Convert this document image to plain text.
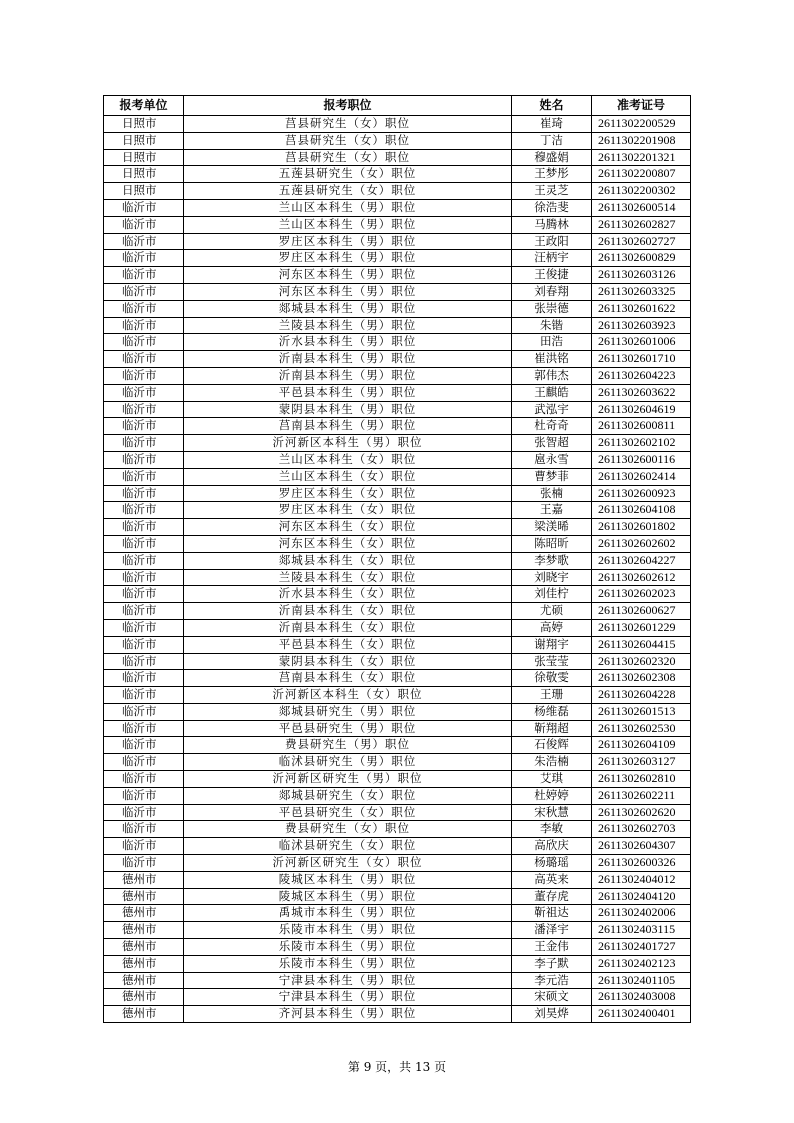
报考单位	报考职位	姓名	准考证号
日照市	莒县研究生（女）职位	崔琦	2611302200529
日照市	莒县研究生（女）职位	丁洁	2611302201908
日照市	莒县研究生（女）职位	穆盛娟	2611302201321
日照市	五莲县研究生（女）职位	王梦彤	2611302200807
日照市	五莲县研究生（女）职位	王灵芝	2611302200302
临沂市	兰山区本科生（男）职位	徐浩斐	2611302600514
临沂市	兰山区本科生（男）职位	马腾林	2611302602827
临沂市	罗庄区本科生（男）职位	王政阳	2611302602727
临沂市	罗庄区本科生（男）职位	汪柄宇	2611302600829
临沂市	河东区本科生（男）职位	王俊捷	2611302603126
临沂市	河东区本科生（男）职位	刘春翔	2611302603325
临沂市	郯城县本科生（男）职位	张崇德	2611302601622
临沂市	兰陵县本科生（男）职位	朱锴	2611302603923
临沂市	沂水县本科生（男）职位	田浩	2611302601006
临沂市	沂南县本科生（男）职位	崔洪铭	2611302601710
临沂市	沂南县本科生（男）职位	郭伟杰	2611302604223
临沂市	平邑县本科生（男）职位	王麒皓	2611302603622
临沂市	蒙阴县本科生（男）职位	武泓宇	2611302604619
临沂市	莒南县本科生（男）职位	杜奇奇	2611302600811
临沂市	沂河新区本科生（男）职位	张智超	2611302602102
临沂市	兰山区本科生（女）职位	扈永雪	2611302600116
临沂市	兰山区本科生（女）职位	曹梦菲	2611302602414
临沂市	罗庄区本科生（女）职位	张楠	2611302600923
临沂市	罗庄区本科生（女）职位	王嘉	2611302604108
临沂市	河东区本科生（女）职位	梁渼晞	2611302601802
临沂市	河东区本科生（女）职位	陈昭昕	2611302602602
临沂市	郯城县本科生（女）职位	李梦歌	2611302604227
临沂市	兰陵县本科生（女）职位	刘晓宇	2611302602612
临沂市	沂水县本科生（女）职位	刘佳柠	2611302602023
临沂市	沂南县本科生（女）职位	尤硕	2611302600627
临沂市	沂南县本科生（女）职位	高婷	2611302601229
临沂市	平邑县本科生（女）职位	谢翔宇	2611302604415
临沂市	蒙阴县本科生（女）职位	张莹莹	2611302602320
临沂市	莒南县本科生（女）职位	徐敬雯	2611302602308
临沂市	沂河新区本科生（女）职位	王珊	2611302604228
临沂市	郯城县研究生（男）职位	杨维磊	2611302601513
临沂市	平邑县研究生（男）职位	靳翔超	2611302602530
临沂市	费县研究生（男）职位	石俊辉	2611302604109
临沂市	临沭县研究生（男）职位	朱浩楠	2611302603127
临沂市	沂河新区研究生（男）职位	艾琪	2611302602810
临沂市	郯城县研究生（女）职位	杜婷婷	2611302602211
临沂市	平邑县研究生（女）职位	宋秋慧	2611302602620
临沂市	费县研究生（女）职位	李敏	2611302602703
临沂市	临沭县研究生（女）职位	高欣庆	2611302604307
临沂市	沂河新区研究生（女）职位	杨璐瑶	2611302600326
德州市	陵城区本科生（男）职位	高英来	2611302404012
德州市	陵城区本科生（男）职位	董存虎	2611302404120
德州市	禹城市本科生（男）职位	靳祖达	2611302402006
德州市	乐陵市本科生（男）职位	潘泽宇	2611302403115
德州市	乐陵市本科生（男）职位	王金伟	2611302401727
德州市	乐陵市本科生（男）职位	李子默	2611302402123
德州市	宁津县本科生（男）职位	李元浩	2611302401105
德州市	宁津县本科生（男）职位	宋硕文	2611302403008
德州市	齐河县本科生（男）职位	刘昊烨	2611302400401
第 9 页，共 13 页
